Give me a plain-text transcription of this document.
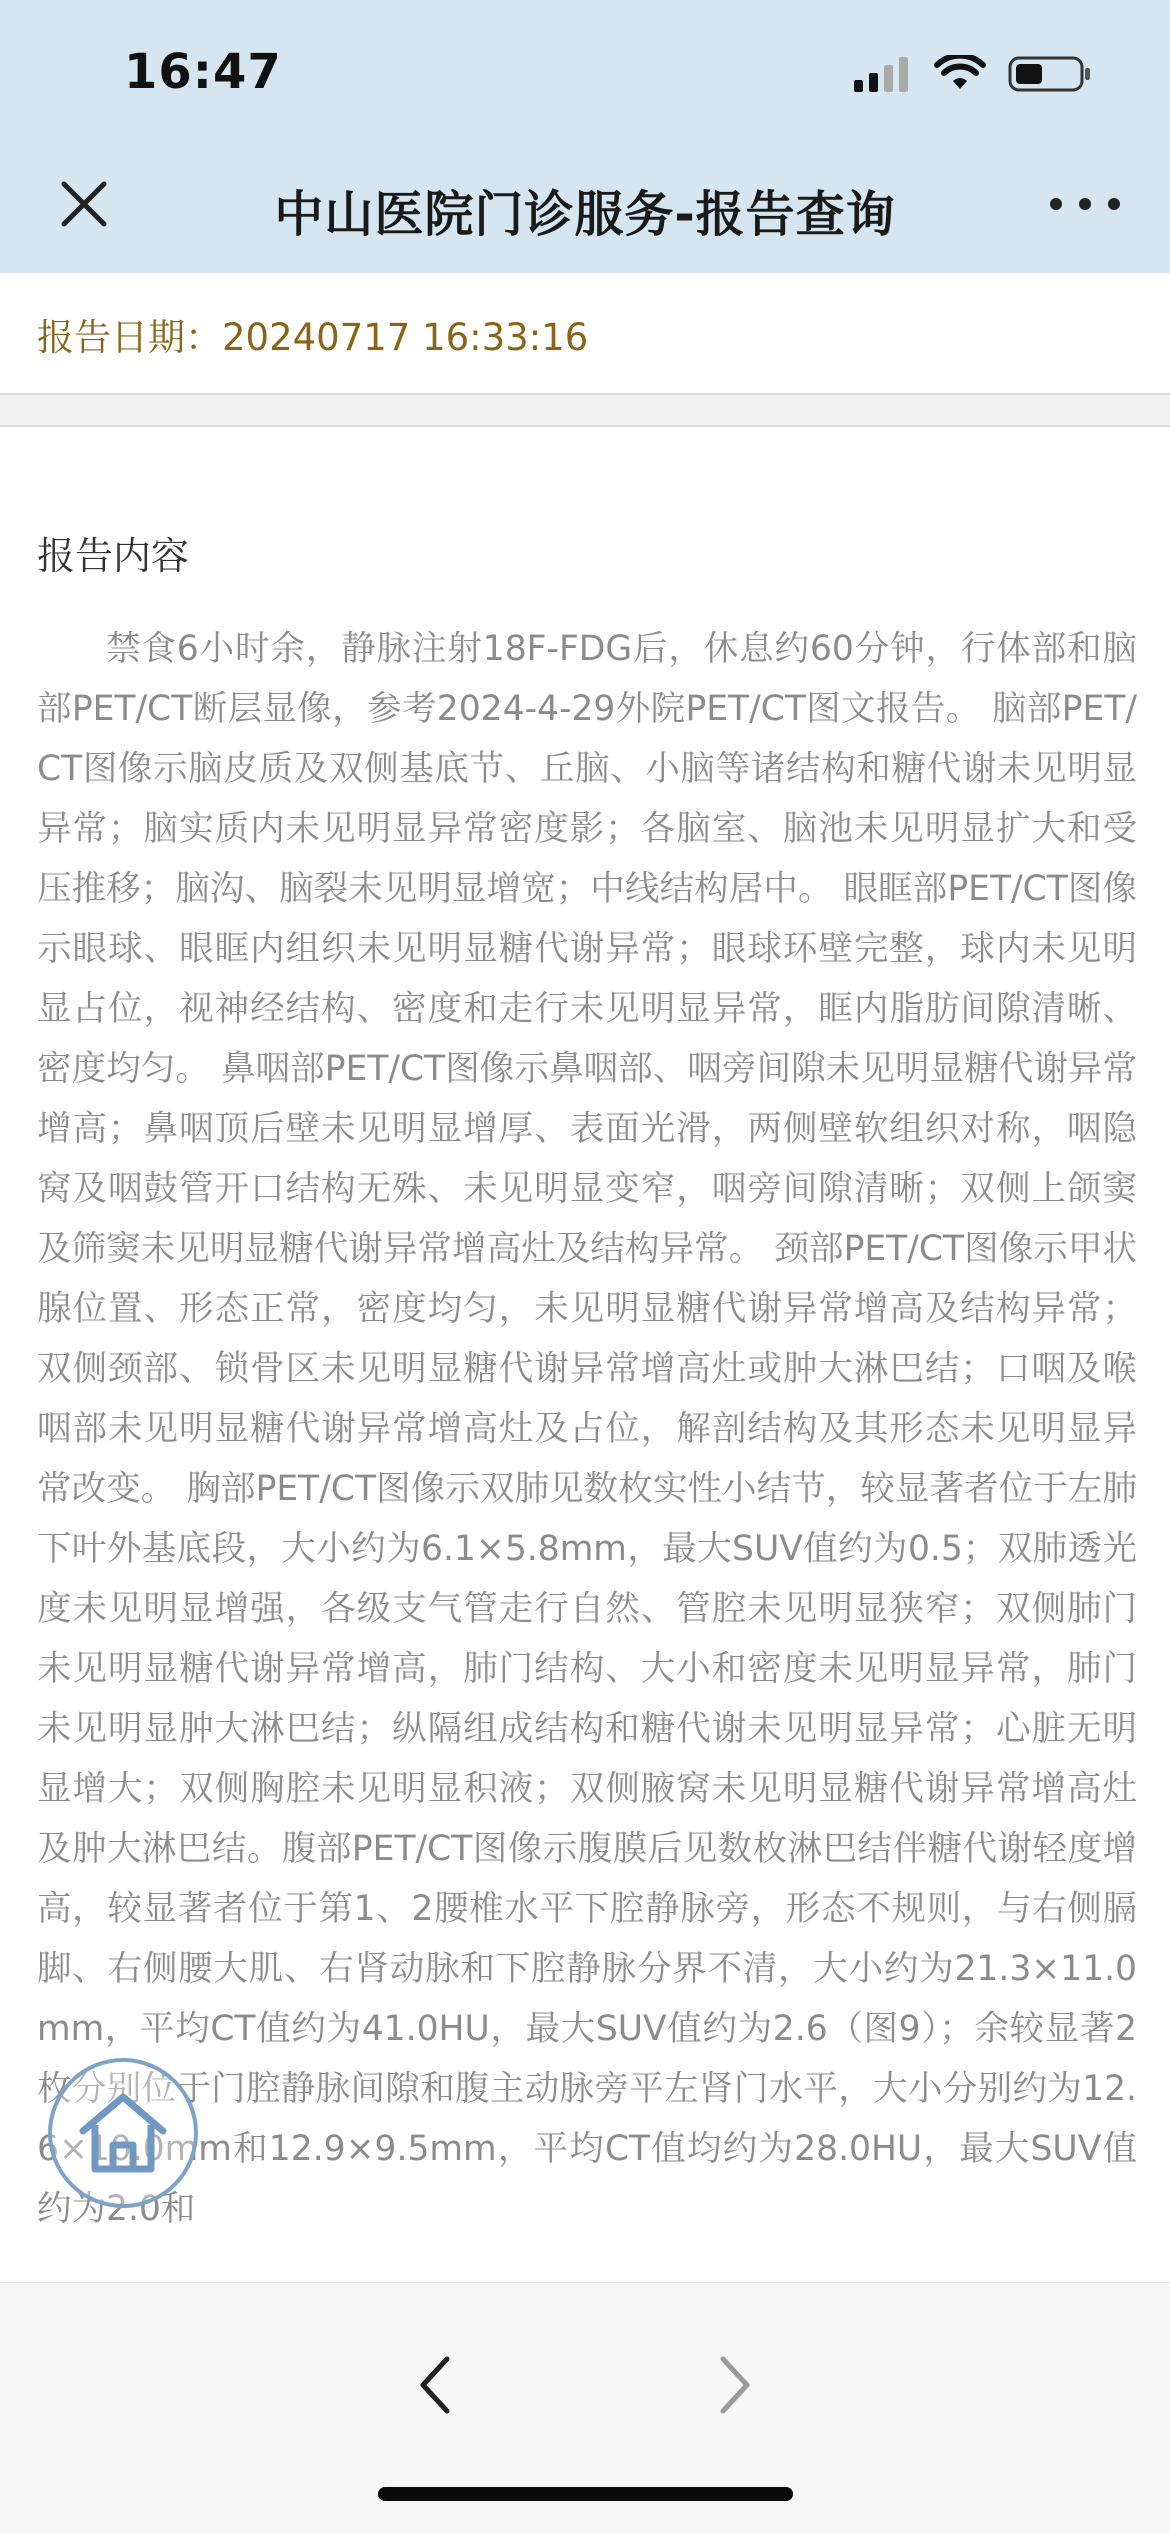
16:47
中山医院门诊服务-报告查询
报告日期：20240717 16:33:16
报告内容

禁食6小时余，静脉注射18F-FDG后，休息约60分钟，行体部和脑部PET/CT断层显像，参考2024-4-29外院PET/CT图文报告。 脑部PET/CT图像示脑皮质及双侧基底节、丘脑、小脑等诸结构和糖代谢未见明显异常；脑实质内未见明显异常密度影；各脑室、脑池未见明显扩大和受压推移；脑沟、脑裂未见明显增宽；中线结构居中。 眼眶部PET/CT图像示眼球、眼眶内组织未见明显糖代谢异常；眼球环壁完整，球内未见明显占位，视神经结构、密度和走行未见明显异常，眶内脂肪间隙清晰、密度均匀。 鼻咽部PET/CT图像示鼻咽部、咽旁间隙未见明显糖代谢异常增高；鼻咽顶后壁未见明显增厚、表面光滑，两侧壁软组织对称，咽隐窝及咽鼓管开口结构无殊、未见明显变窄，咽旁间隙清晰；双侧上颌窦及筛窦未见明显糖代谢异常增高灶及结构异常。 颈部PET/CT图像示甲状腺位置、形态正常，密度均匀，未见明显糖代谢异常增高及结构异常；双侧颈部、锁骨区未见明显糖代谢异常增高灶或肿大淋巴结；口咽及喉咽部未见明显糖代谢异常增高灶及占位，解剖结构及其形态未见明显异常改变。 胸部PET/CT图像示双肺见数枚实性小结节，较显著者位于左肺下叶外基底段，大小约为6.1×5.8mm，最大SUV值约为0.5；双肺透光度未见明显增强，各级支气管走行自然、管腔未见明显狭窄；双侧肺门未见明显糖代谢异常增高，肺门结构、大小和密度未见明显异常，肺门未见明显肿大淋巴结；纵隔组成结构和糖代谢未见明显异常；心脏无明显增大；双侧胸腔未见明显积液；双侧腋窝未见明显糖代谢异常增高灶及肿大淋巴结。腹部PET/CT图像示腹膜后见数枚淋巴结伴糖代谢轻度增高，较显著者位于第1、2腰椎水平下腔静脉旁，形态不规则，与右侧膈脚、右侧腰大肌、右肾动脉和下腔静脉分界不清，大小约为21.3×11.0mm，平均CT值约为41.0HU，最大SUV值约为2.6（图9）；余较显著2枚分别位于门腔静脉间隙和腹主动脉旁平左肾门水平，大小分别约为12.6×10.0mm和12.9×9.5mm，平均CT值均约为28.0HU，最大SUV值约为2.0和
